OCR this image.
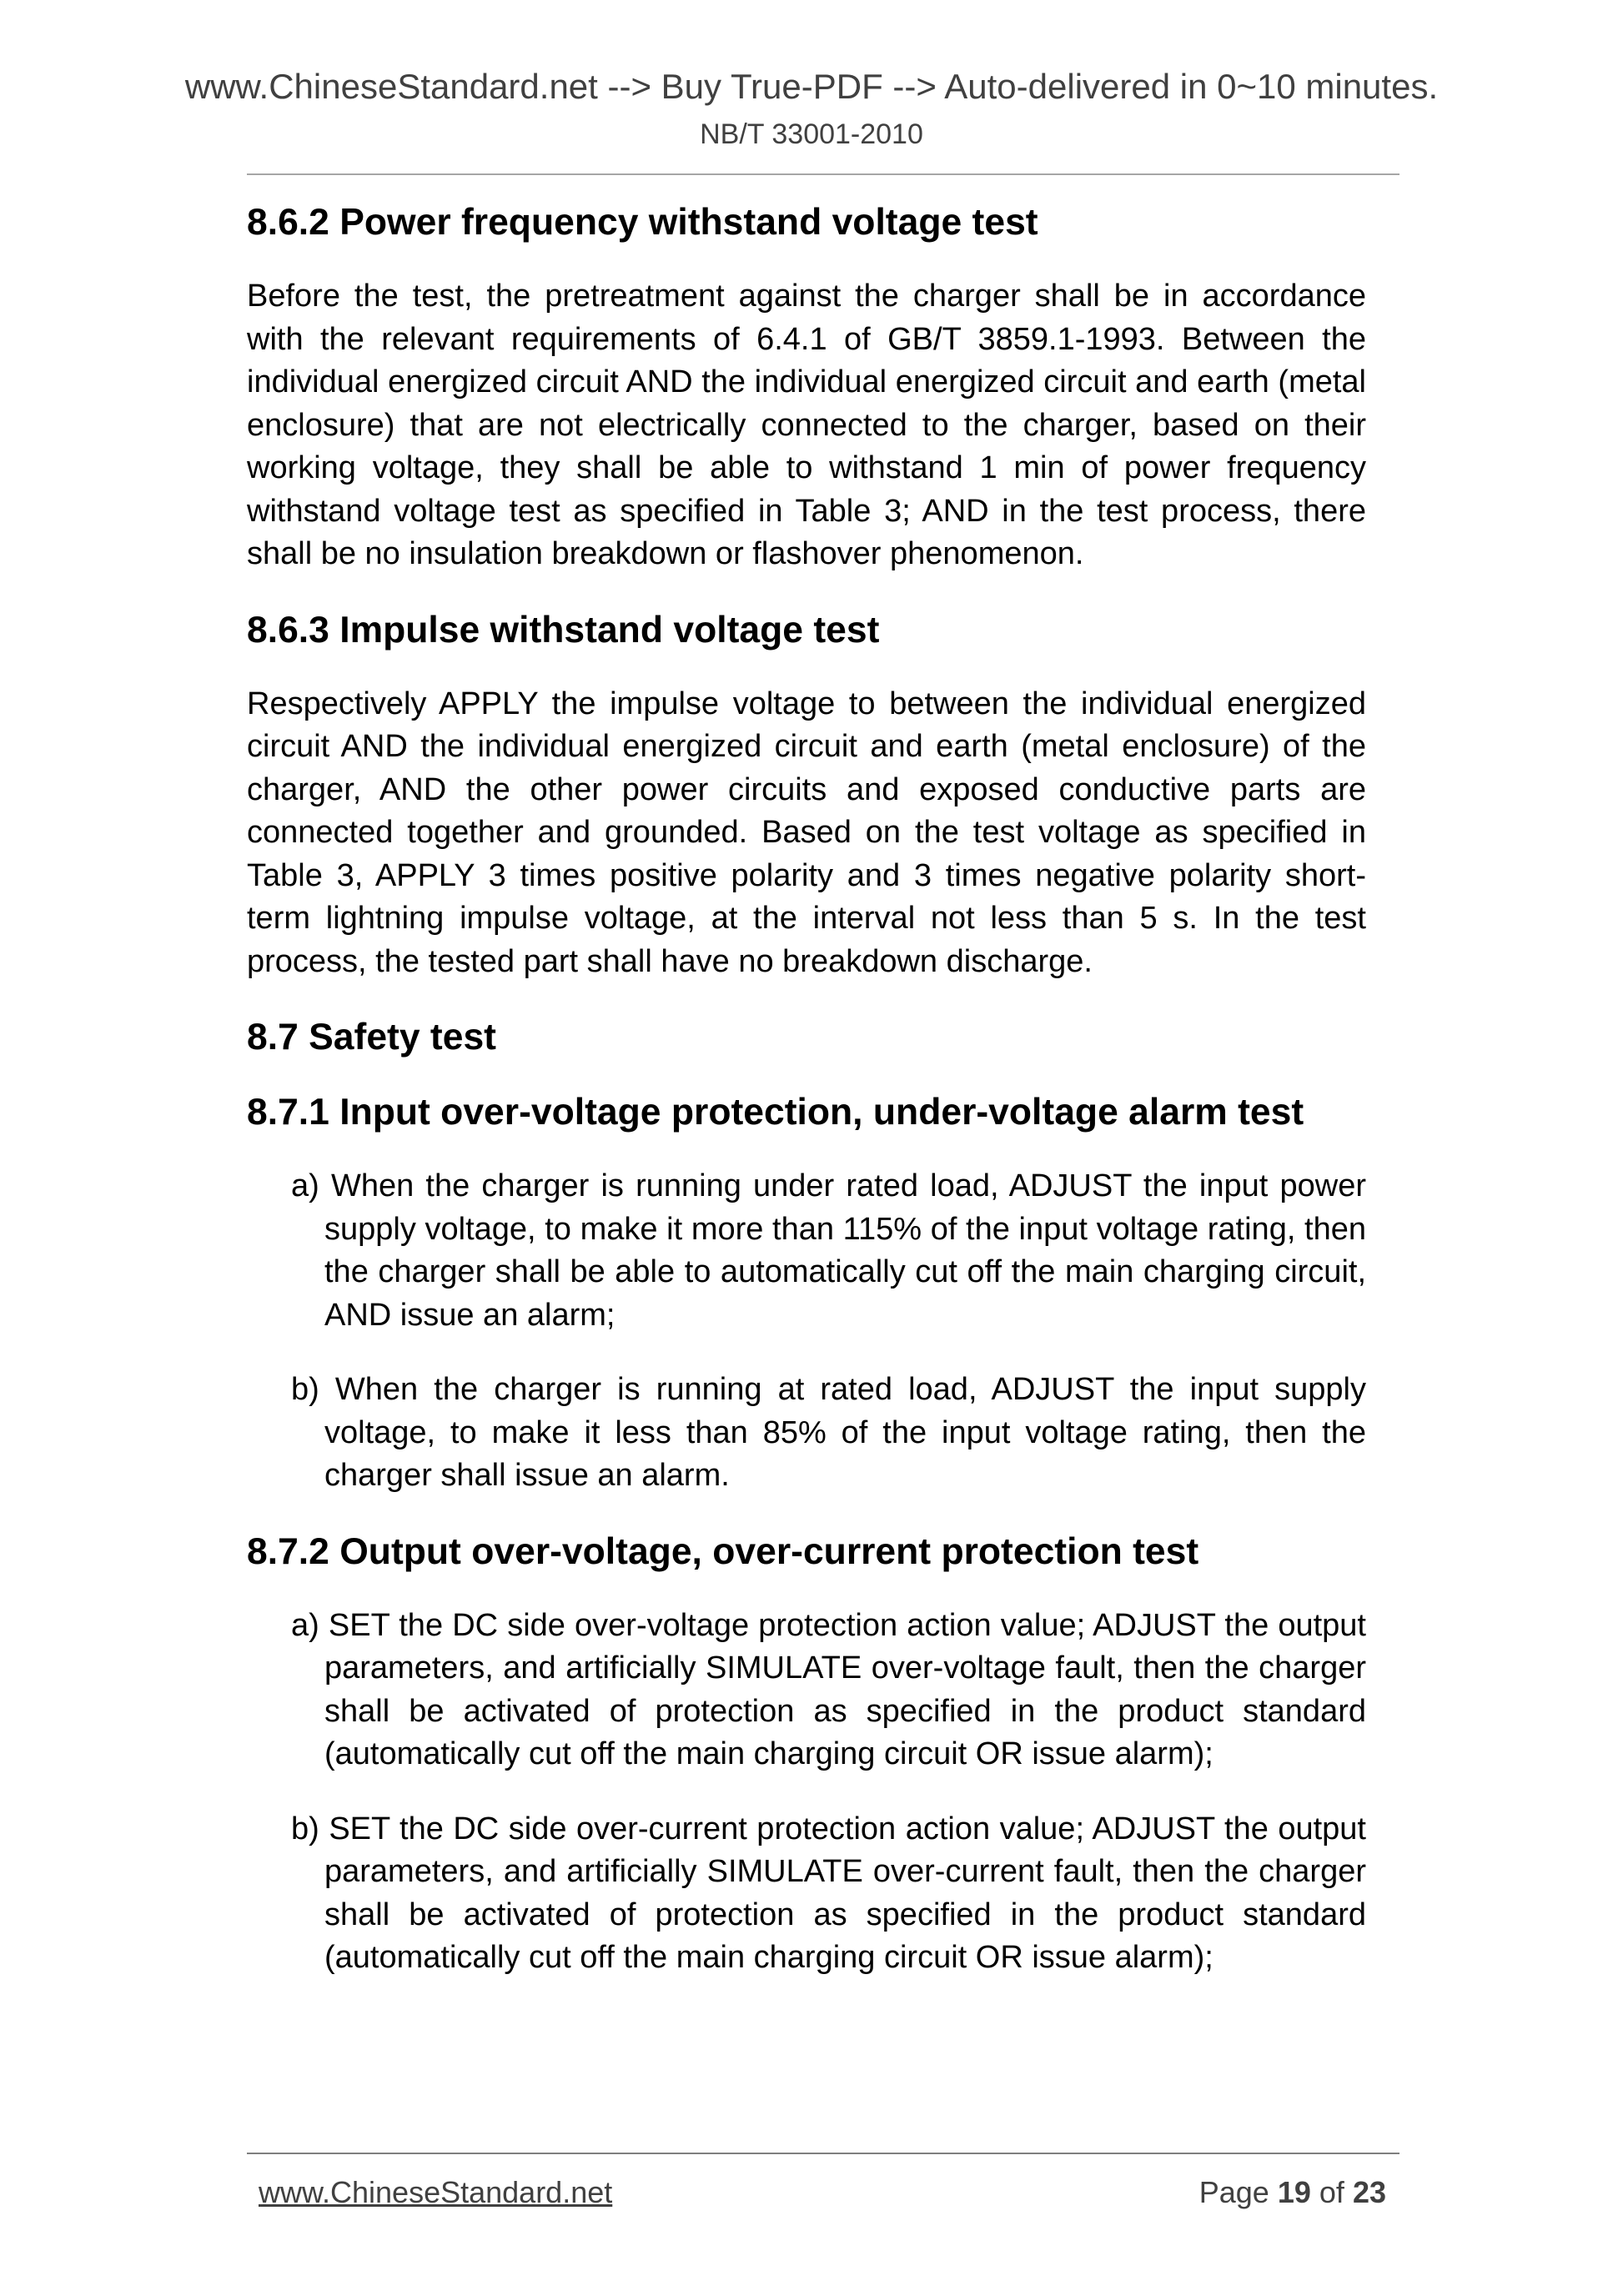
www.ChineseStandard.net --> Buy True-PDF --> Auto-delivered in 0~10 minutes.
NB/T 33001-2010
8.6.2 Power frequency withstand voltage test

Before the test, the pretreatment against the charger shall be in accordance with the relevant requirements of 6.4.1 of GB/T 3859.1-1993. Between the individual energized circuit AND the individual energized circuit and earth (metal enclosure) that are not electrically connected to the charger, based on their working voltage, they shall be able to withstand 1 min of power frequency withstand voltage test as specified in Table 3; AND in the test process, there shall be no insulation breakdown or flashover phenomenon.

8.6.3 Impulse withstand voltage test

Respectively APPLY the impulse voltage to between the individual energized circuit AND the individual energized circuit and earth (metal enclosure) of the charger, AND the other power circuits and exposed conductive parts are connected together and grounded. Based on the test voltage as specified in Table 3, APPLY 3 times positive polarity and 3 times negative polarity short-term lightning impulse voltage, at the interval not less than 5 s. In the test process, the tested part shall have no breakdown discharge.

8.7 Safety test
8.7.1 Input over-voltage protection, under-voltage alarm test

a) When the charger is running under rated load, ADJUST the input power supply voltage, to make it more than 115% of the input voltage rating, then the charger shall be able to automatically cut off the main charging circuit, AND issue an alarm;

b) When the charger is running at rated load, ADJUST the input supply voltage, to make it less than 85% of the input voltage rating, then the charger shall issue an alarm.

8.7.2 Output over-voltage, over-current protection test

a) SET the DC side over-voltage protection action value; ADJUST the output parameters, and artificially SIMULATE over-voltage fault, then the charger shall be activated of protection as specified in the product standard (automatically cut off the main charging circuit OR issue alarm);

b) SET the DC side over-current protection action value; ADJUST the output parameters, and artificially SIMULATE over-current fault, then the charger shall be activated of protection as specified in the product standard (automatically cut off the main charging circuit OR issue alarm);

www.ChineseStandard.net	Page 19 of 23
